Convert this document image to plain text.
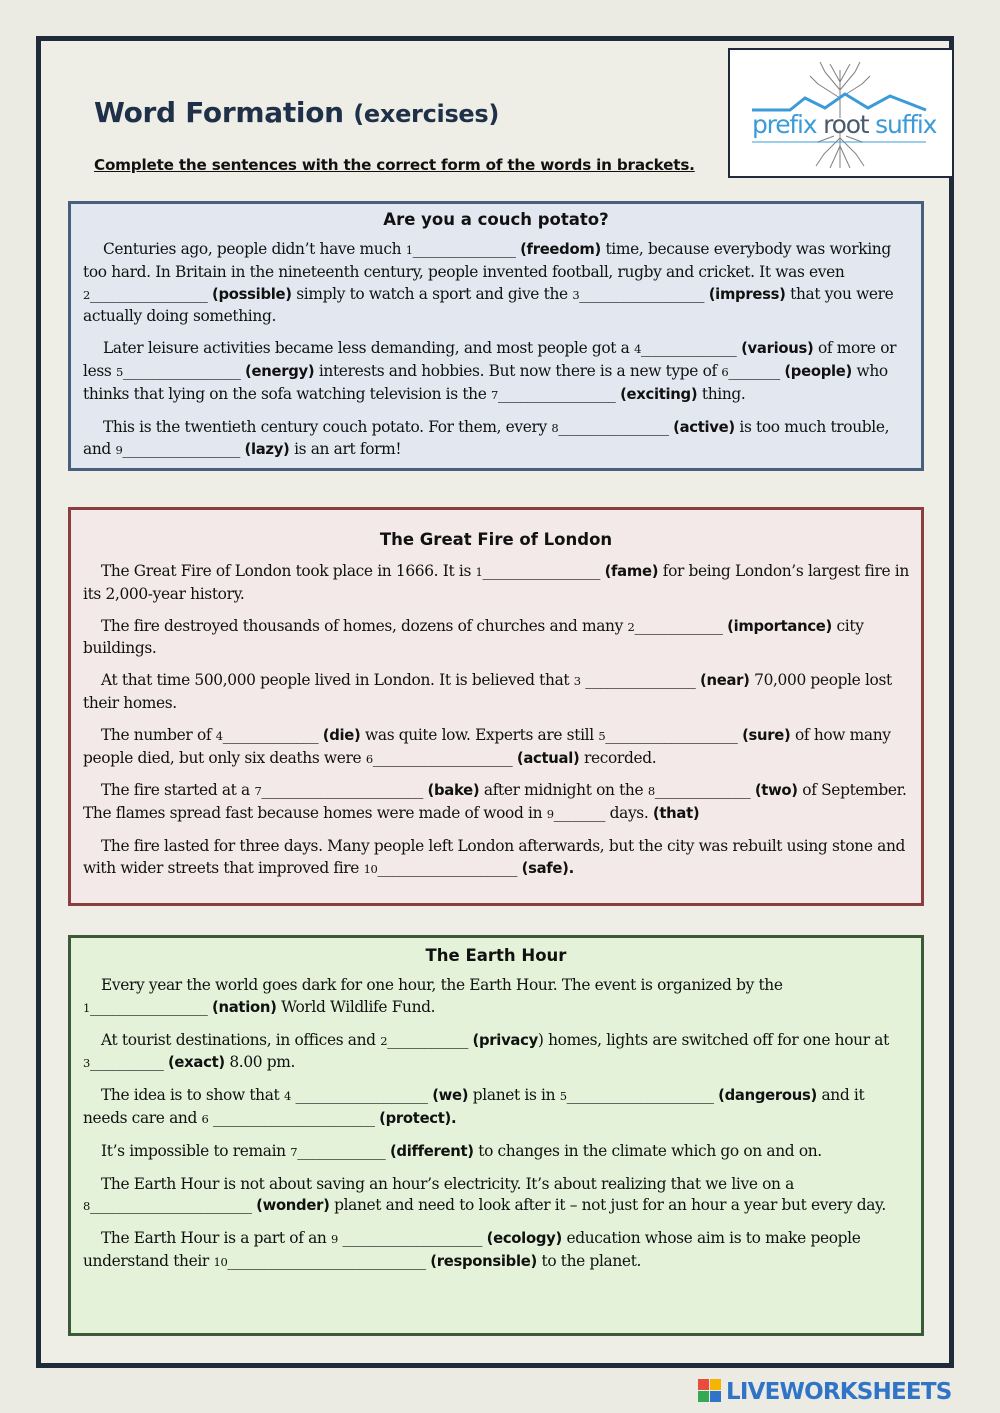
Word Formation (exercises)

Complete the sentences with the correct form of the words in brackets.

prefix root suffix

Are you a couch potato?

Centuries ago, people didn’t have much 1______________ (freedom) time, because everybody was working too hard. In Britain in the nineteenth century, people invented football, rugby and cricket. It was even 2________________ (possible) simply to watch a sport and give the 3_________________ (impress) that you were actually doing something.

Later leisure activities became less demanding, and most people got a 4_____________ (various) of more or less 5________________ (energy) interests and hobbies. But now there is a new type of 6_______ (people) who thinks that lying on the sofa watching television is the 7________________ (exciting) thing.

This is the twentieth century couch potato. For them, every 8_______________ (active) is too much trouble, and 9________________ (lazy) is an art form!

The Great Fire of London

The Great Fire of London took place in 1666. It is 1________________ (fame) for being London’s largest fire in its 2,000-year history.

The fire destroyed thousands of homes, dozens of churches and many 2____________ (importance) city buildings.

At that time 500,000 people lived in London. It is believed that 3 _______________ (near) 70,000 people lost their homes.

The number of 4_____________ (die) was quite low. Experts are still 5__________________ (sure) of how many people died, but only six deaths were 6___________________ (actual) recorded.

The fire started at a 7______________________ (bake) after midnight on the 8_____________ (two) of September. The flames spread fast because homes were made of wood in 9_______ days. (that)

The fire lasted for three days. Many people left London afterwards, but the city was rebuilt using stone and with wider streets that improved fire 10___________________ (safe).

The Earth Hour

Every year the world goes dark for one hour, the Earth Hour. The event is organized by the 1________________ (nation) World Wildlife Fund.

At tourist destinations, in offices and 2___________ (privacy) homes, lights are switched off for one hour at 3__________ (exact) 8.00 pm.

The idea is to show that 4 __________________ (we) planet is in 5____________________ (dangerous) and it needs care and 6 ______________________ (protect).

It’s impossible to remain 7____________ (different) to changes in the climate which go on and on.

The Earth Hour is not about saving an hour’s electricity. It’s about realizing that we live on a 8______________________ (wonder) planet and need to look after it – not just for an hour a year but every day.

The Earth Hour is a part of an 9 ___________________ (ecology) education whose aim is to make people understand their 10___________________________ (responsible) to the planet.

LIVEWORKSHEETS
